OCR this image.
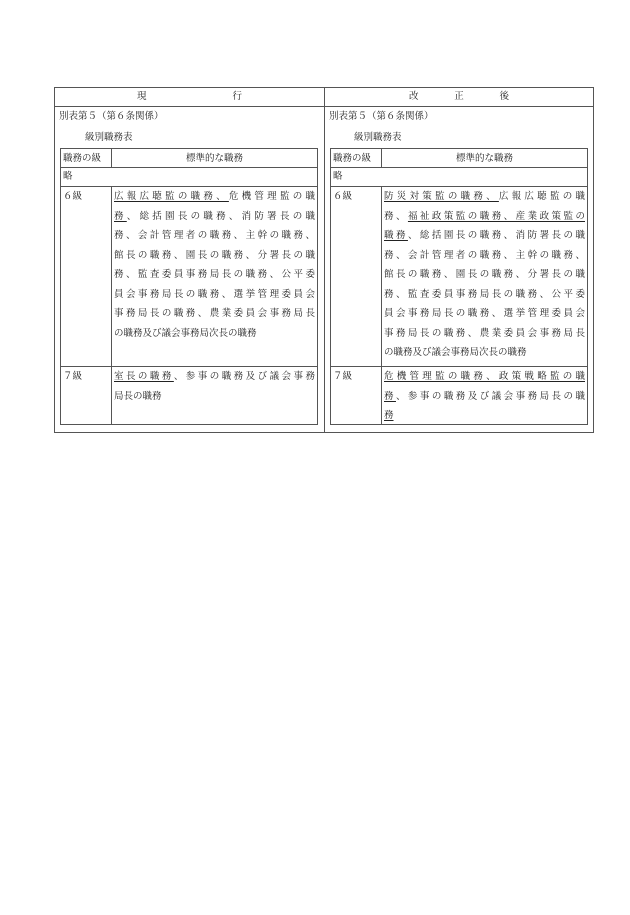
現	行	改	正	後
別表第５（第６条関係）
級別職務表
職務の級	標準的な職務
略
６級	広報広聴監の職務、危機管理監の職
務、総括園長の職務、消防署長の職
務、会計管理者の職務、主幹の職務、
館長の職務、園長の職務、分署長の職
務、監査委員事務局長の職務、公平委
員会事務局長の職務、選挙管理委員会
事務局長の職務、農業委員会事務局長
の職務及び議会事務局次長の職務
７級	室長の職務、参事の職務及び議会事務
局長の職務
別表第５（第６条関係）
級別職務表
職務の級	標準的な職務
略
６級	防災対策監の職務、広報広聴監の職
務、福祉政策監の職務、産業政策監の
職務、総括園長の職務、消防署長の職
務、会計管理者の職務、主幹の職務、
館長の職務、園長の職務、分署長の職
務、監査委員事務局長の職務、公平委
員会事務局長の職務、選挙管理委員会
事務局長の職務、農業委員会事務局長
の職務及び議会事務局次長の職務
７級	危機管理監の職務、政策戦略監の職
務、参事の職務及び議会事務局長の職
務
